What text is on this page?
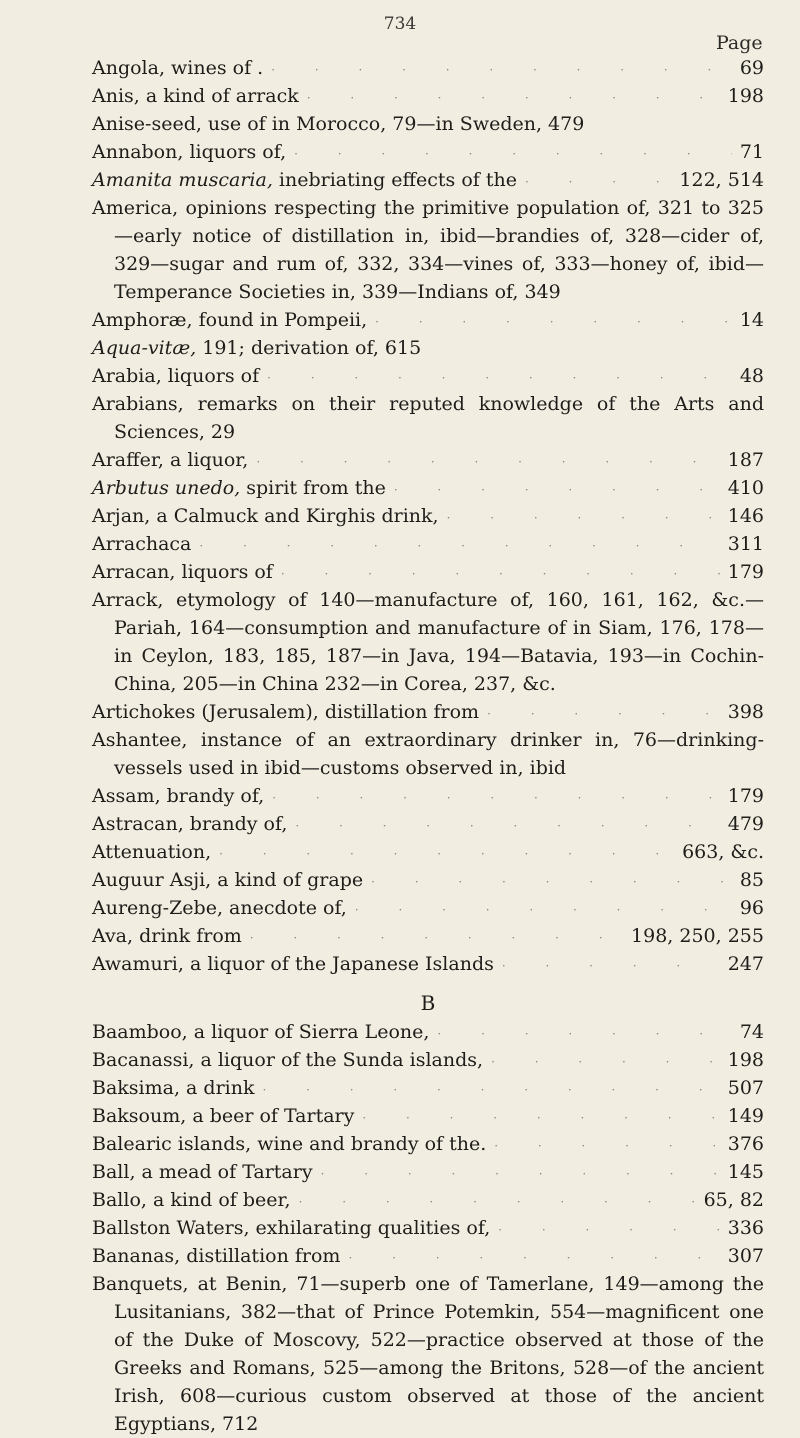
734
Page
Angola, wines of . · · ·	69
Anis, a kind of arrack · · ·	198
Anise-seed, use of in Morocco, 79—in Sweden, 479
Annabon, liquors of, · · ·	71
Amanita muscaria, inebriating effects of the · · ·	122, 514
America, opinions respecting the primitive population of, 321 to 325—early notice of distillation in, ibid—brandies of, 328—cider of, 329—sugar and rum of, 332, 334—vines of, 333—honey of, ibid—Temperance Societies in, 339—Indians of, 349
Amphoræ, found in Pompeii, · · ·	14
Aqua-vitæ, 191; derivation of, 615
Arabia, liquors of · · ·	48
Arabians, remarks on their reputed knowledge of the Arts and Sciences, 29
Araffer, a liquor, · · ·	187
Arbutus unedo, spirit from the · · ·	410
Arjan, a Calmuck and Kirghis drink, · · ·	146
Arrachaca · · ·	311
Arracan, liquors of · · ·	179
Arrack, etymology of 140—manufacture of, 160, 161, 162, &c.—Pariah, 164—consumption and manufacture of in Siam, 176, 178—in Ceylon, 183, 185, 187—in Java, 194—Batavia, 193—in Cochin-China, 205—in China 232—in Corea, 237, &c.
Artichokes (Jerusalem), distillation from · · ·	398
Ashantee, instance of an extraordinary drinker in, 76—drinking-vessels used in ibid—customs observed in, ibid
Assam, brandy of, · · ·	179
Astracan, brandy of, · · ·	479
Attenuation, · · ·	663, &c.
Auguur Asji, a kind of grape · · ·	85
Aureng-Zebe, anecdote of, · · ·	96
Ava, drink from · · ·	198, 250, 255
Awamuri, a liquor of the Japanese Islands · · ·	247
B
Baamboo, a liquor of Sierra Leone, · · ·	74
Bacanassi, a liquor of the Sunda islands, · · ·	198
Baksima, a drink · · ·	507
Baksoum, a beer of Tartary · · ·	149
Balearic islands, wine and brandy of the. · · ·	376
Ball, a mead of Tartary · · ·	145
Ballo, a kind of beer, · · ·	65, 82
Ballston Waters, exhilarating qualities of, · · ·	336
Bananas, distillation from · · ·	307
Banquets, at Benin, 71—superb one of Tamerlane, 149—among the Lusitanians, 382—that of Prince Potemkin, 554—magnificent one of the Duke of Moscovy, 522—practice observed at those of the Greeks and Romans, 525—among the Britons, 528—of the ancient Irish, 608—curious custom observed at those of the ancient Egyptians, 712
